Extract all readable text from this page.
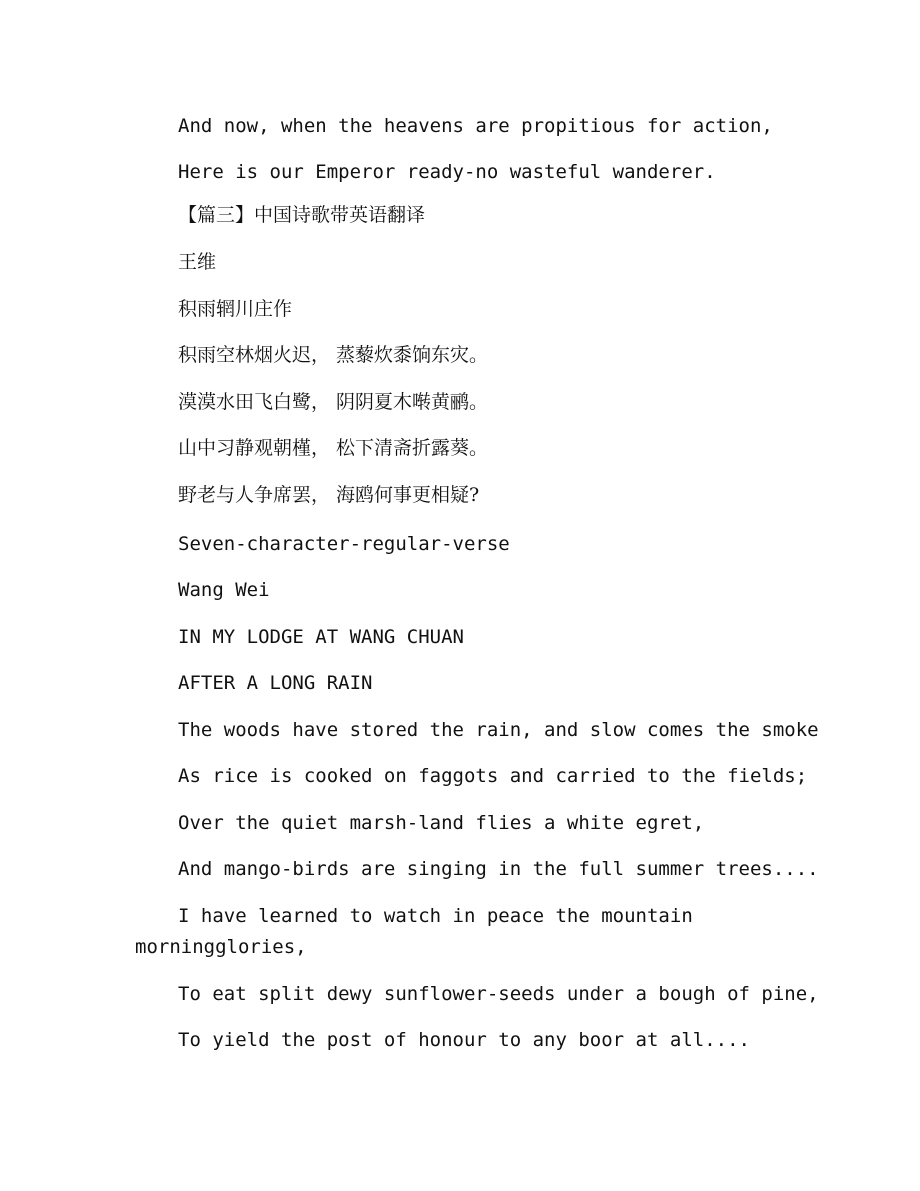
And now, when the heavens are propitious for action,
Here is our Emperor ready-no wasteful wanderer.
【篇三】中国诗歌带英语翻译
王维
积雨辋川庄作
积雨空林烟火迟， 蒸藜炊黍饷东灾。
漠漠水田飞白鹭， 阴阴夏木啭黄鹂。
山中习静观朝槿， 松下清斋折露葵。
野老与人争席罢， 海鸥何事更相疑?
Seven-character-regular-verse
Wang Wei
IN MY LODGE AT WANG CHUAN
AFTER A LONG RAIN
The woods have stored the rain, and slow comes the smoke
As rice is cooked on faggots and carried to the fields;
Over the quiet marsh-land flies a white egret,
And mango-birds are singing in the full summer trees....
I have learned to watch in peace the mountain
morningglories,
To eat split dewy sunflower-seeds under a bough of pine,
To yield the post of honour to any boor at all....
